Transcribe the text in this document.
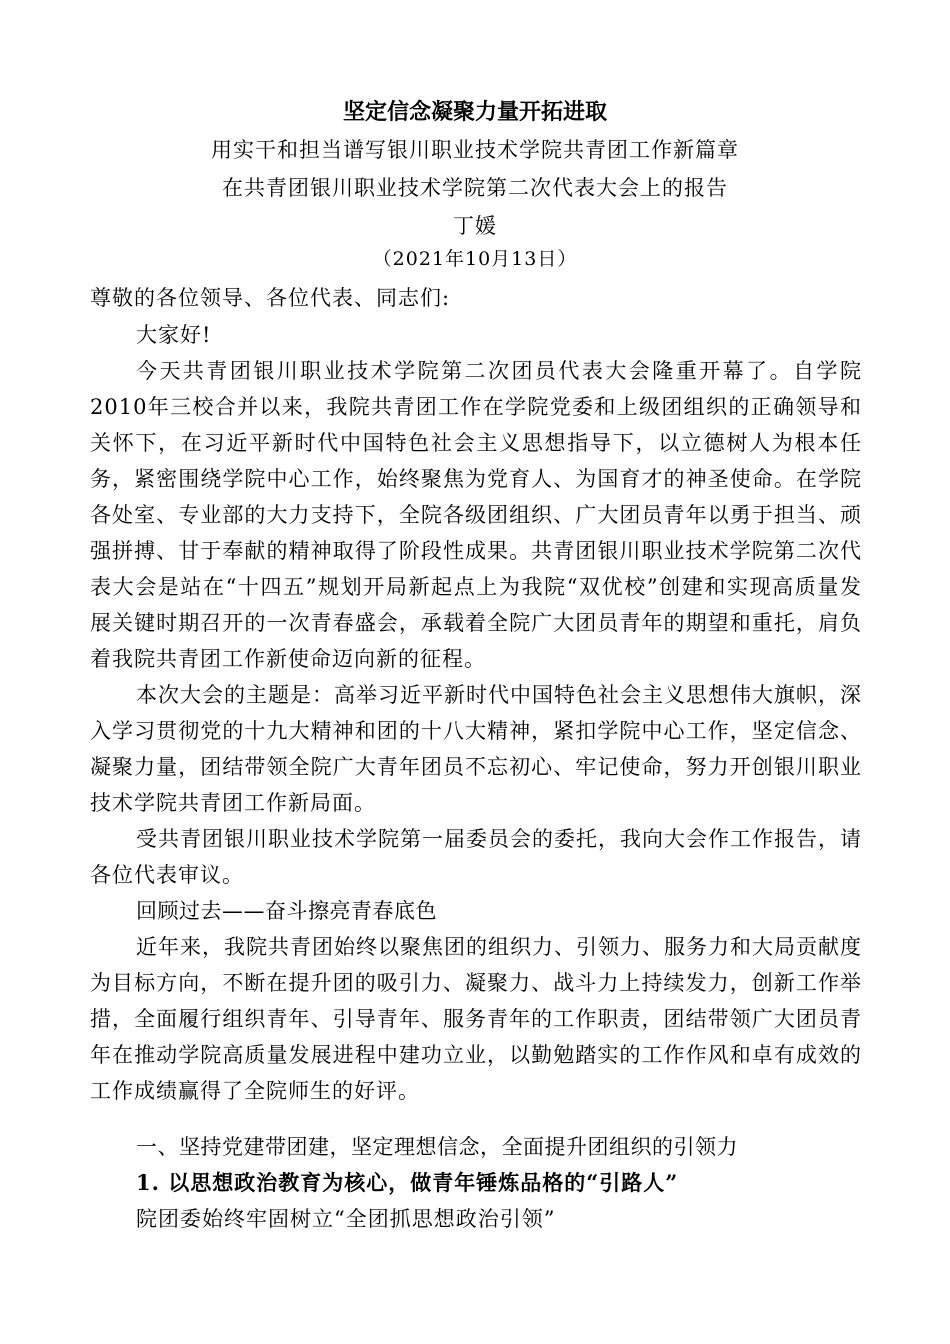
坚定信念凝聚力量开拓进取
用实干和担当谱写银川职业技术学院共青团工作新篇章
在共青团银川职业技术学院第二次代表大会上的报告
丁媛
（2021年10月13日）
尊敬的各位领导、各位代表、同志们:
大家好!
今天共青团银川职业技术学院第二次团员代表大会隆重开幕了。自学院2010年三校合并以来，我院共青团工作在学院党委和上级团组织的正确领导和关怀下，在习近平新时代中国特色社会主义思想指导下，以立德树人为根本任务，紧密围绕学院中心工作，始终聚焦为党育人、为国育才的神圣使命。在学院各处室、专业部的大力支持下，全院各级团组织、广大团员青年以勇于担当、顽强拼搏、甘于奉献的精神取得了阶段性成果。共青团银川职业技术学院第二次代表大会是站在“十四五”规划开局新起点上为我院“双优校”创建和实现高质量发展关键时期召开的一次青春盛会，承载着全院广大团员青年的期望和重托，肩负着我院共青团工作新使命迈向新的征程。
本次大会的主题是：高举习近平新时代中国特色社会主义思想伟大旗帜，深入学习贯彻党的十九大精神和团的十八大精神，紧扣学院中心工作，坚定信念、凝聚力量，团结带领全院广大青年团员不忘初心、牢记使命，努力开创银川职业技术学院共青团工作新局面。
受共青团银川职业技术学院第一届委员会的委托，我向大会作工作报告，请各位代表审议。
回顾过去——奋斗擦亮青春底色
近年来，我院共青团始终以聚焦团的组织力、引领力、服务力和大局贡献度为目标方向，不断在提升团的吸引力、凝聚力、战斗力上持续发力，创新工作举措，全面履行组织青年、引导青年、服务青年的工作职责，团结带领广大团员青年在推动学院高质量发展进程中建功立业，以勤勉踏实的工作作风和卓有成效的工作成绩赢得了全院师生的好评。
一、坚持党建带团建，坚定理想信念，全面提升团组织的引领力
1. 以思想政治教育为核心，做青年锤炼品格的“引路人”
院团委始终牢固树立“全团抓思想政治引领”
